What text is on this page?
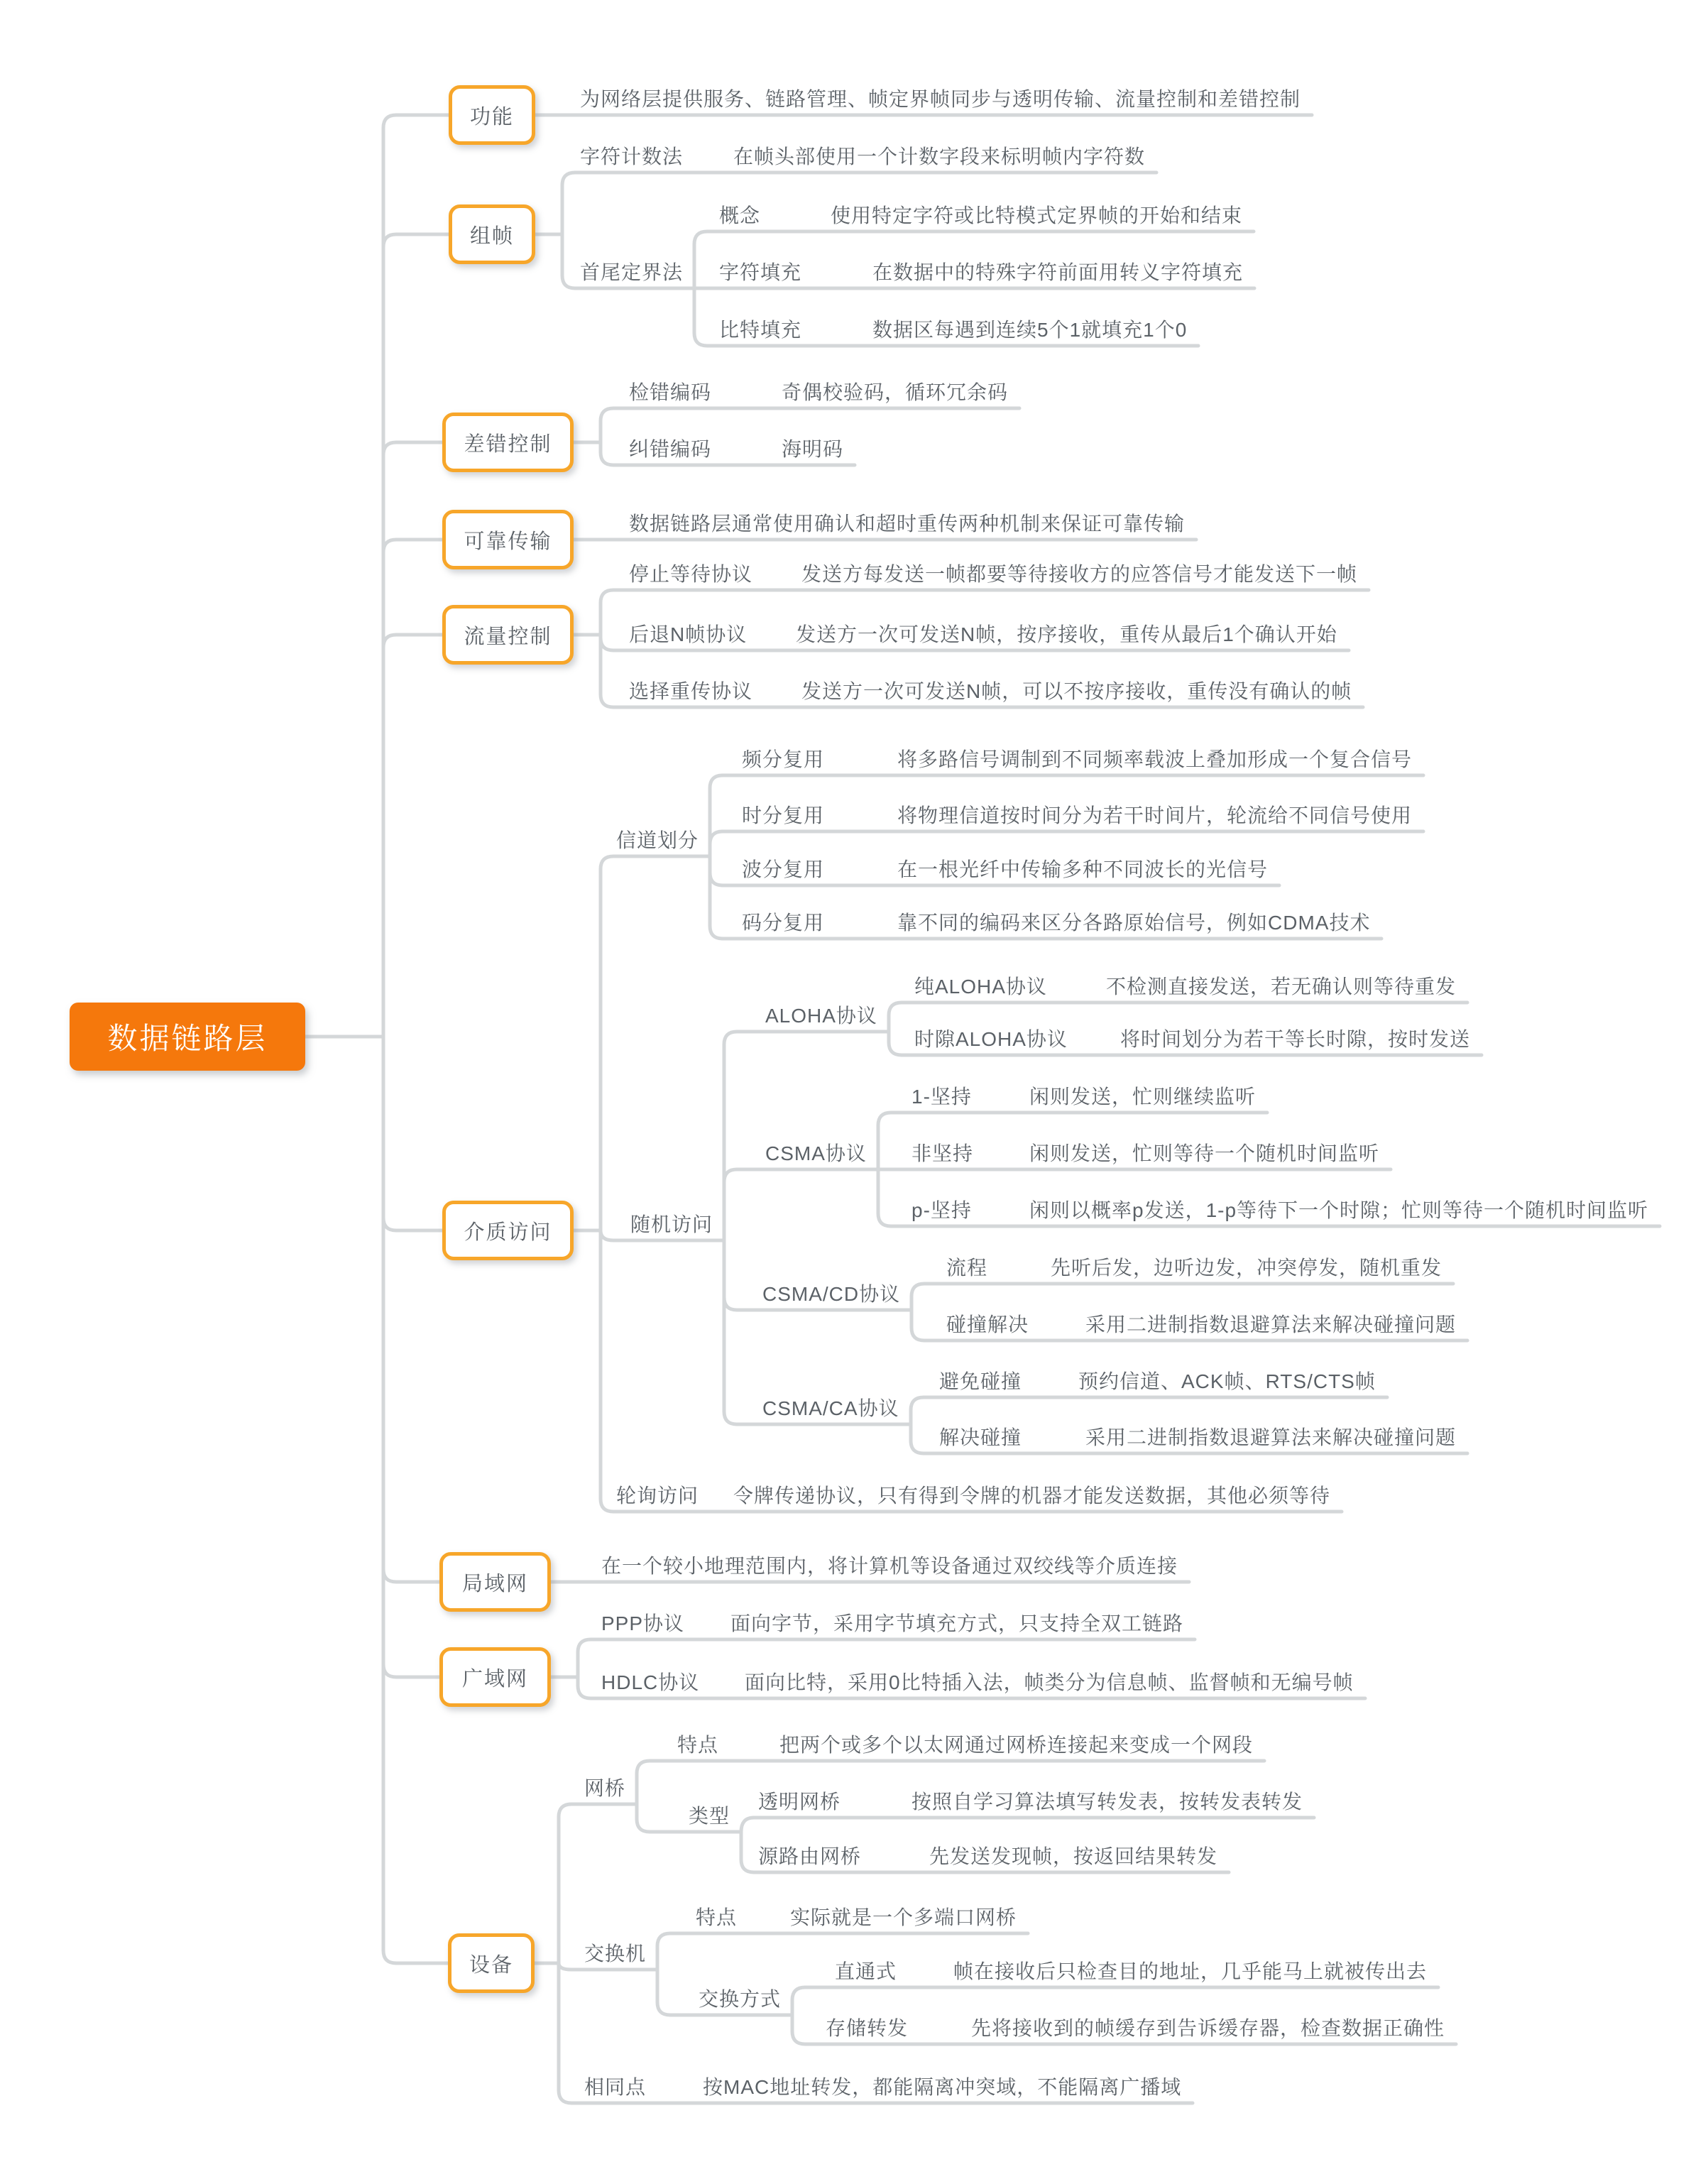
数据链路层
功能
为网络层提供服务、链路管理、帧定界帧同步与透明传输、流量控制和差错控制
组帧
字符计数法	在帧头部使用一个计数字段来标明帧内字符数
首尾定界法
概念	使用特定字符或比特模式定界帧的开始和结束
字符填充	在数据中的特殊字符前面用转义字符填充
比特填充	数据区每遇到连续5个1就填充1个0
差错控制
检错编码	奇偶校验码，循环冗余码
纠错编码	海明码
可靠传输
数据链路层通常使用确认和超时重传两种机制来保证可靠传输
流量控制
停止等待协议 发送方每发送一帧都要等待接收方的应答信号才能发送下一帧
后退N帧协议 发送方一次可发送N帧，按序接收，重传从最后1个确认开始
选择重传协议 发送方一次可发送N帧，可以不按序接收，重传没有确认的帧
介质访问
信道划分
频分复用	将多路信号调制到不同频率载波上叠加形成一个复合信号
时分复用	将物理信道按时间分为若干时间片，轮流给不同信号使用
波分复用	在一根光纤中传输多种不同波长的光信号
码分复用	靠不同的编码来区分各路原始信号，例如CDMA技术
随机访问
ALOHA协议
纯ALOHA协议	不检测直接发送，若无确认则等待重发
时隙ALOHA协议	将时间划分为若干等长时隙，按时发送
CSMA协议
1-坚持	闲则发送，忙则继续监听
非坚持	闲则发送，忙则等待一个随机时间监听
p-坚持	闲则以概率p发送，1-p等待下一个时隙；忙则等待一个随机时间监听
CSMA/CD协议
流程	先听后发，边听边发，冲突停发，随机重发
碰撞解决	采用二进制指数退避算法来解决碰撞问题
CSMA/CA协议
避免碰撞	预约信道、ACK帧、RTS/CTS帧
解决碰撞	采用二进制指数退避算法来解决碰撞问题
轮询访问 令牌传递协议，只有得到令牌的机器才能发送数据，其他必须等待
局域网
在一个较小地理范围内，将计算机等设备通过双绞线等介质连接
广域网
PPP协议 面向字节，采用字节填充方式，只支持全双工链路
HDLC协议 面向比特，采用0比特插入法，帧类分为信息帧、监督帧和无编号帧
设备
网桥
特点	把两个或多个以太网通过网桥连接起来变成一个网段
类型
透明网桥	按照自学习算法填写转发表，按转发表转发
源路由网桥	先发送发现帧，按返回结果转发
交换机
特点	实际就是一个多端口网桥
交换方式
直通式	帧在接收后只检查目的地址，几乎能马上就被传出去
存储转发	先将接收到的帧缓存到告诉缓存器，检查数据正确性
相同点	按MAC地址转发，都能隔离冲突域，不能隔离广播域
